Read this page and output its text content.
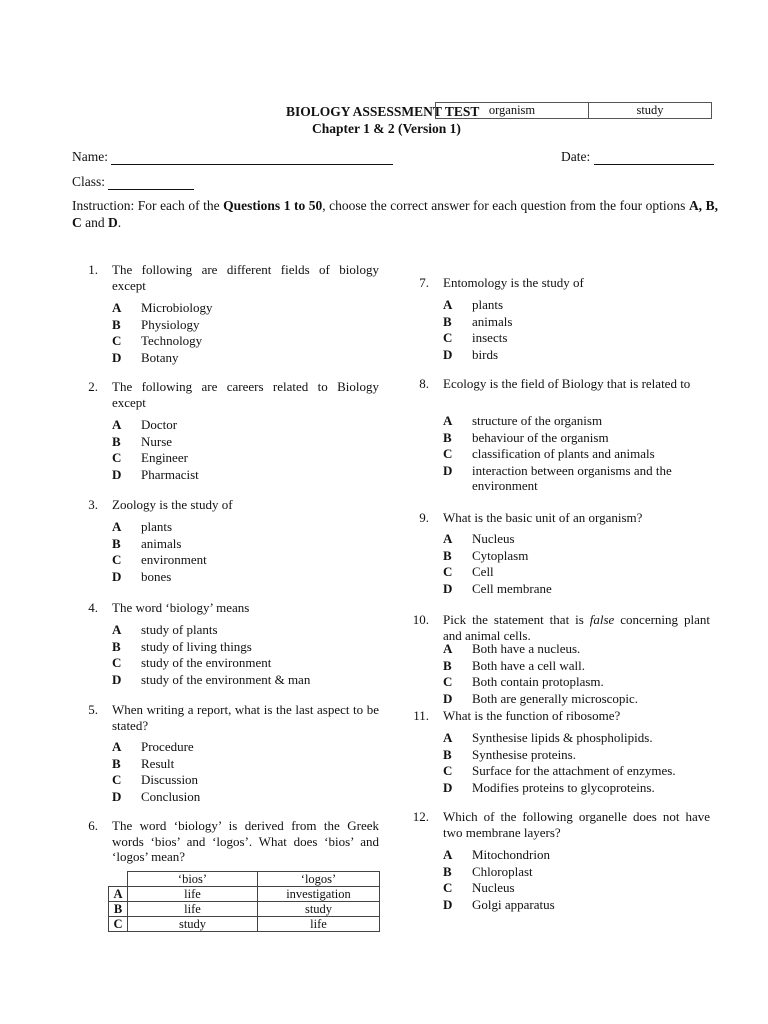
BIOLOGY ASSESSMENT TEST organism	study
Chapter 1 & 2 (Version 1)
Name:	Date:
Class:
Instruction: For each of the Questions 1 to 50, choose the correct answer for each question from the four options A, B, C and D.
1. The following are different fields of biology except
A Microbiology
B Physiology
C Technology
D Botany
2. The following are careers related to Biology except
A Doctor
B Nurse
C Engineer
D Pharmacist
3. Zoology is the study of
A plants
B animals
C environment
D bones
4. The word ‘biology’ means
A study of plants
B study of living things
C study of the environment
D study of the environment & man
5. When writing a report, what is the last aspect to be stated?
A Procedure
B Result
C Discussion
D Conclusion
6. The word ‘biology’ is derived from the Greek words ‘bios’ and ‘logos’. What does ‘bios’ and ‘logos’ mean?
	‘bios’	‘logos’
A	life	investigation
B	life	study
C	study	life
7. Entomology is the study of
A plants
B animals
C insects
D birds
8. Ecology is the field of Biology that is related to
A structure of the organism
B behaviour of the organism
C classification of plants and animals
D interaction between organisms and the environment
9. What is the basic unit of an organism?
A Nucleus
B Cytoplasm
C Cell
D Cell membrane
10. Pick the statement that is false concerning plant and animal cells.
A Both have a nucleus.
B Both have a cell wall.
C Both contain protoplasm.
D Both are generally microscopic.
11. What is the function of ribosome?
A Synthesise lipids & phospholipids.
B Synthesise proteins.
C Surface for the attachment of enzymes.
D Modifies proteins to glycoproteins.
12. Which of the following organelle does not have two membrane layers?
A Mitochondrion
B Chloroplast
C Nucleus
D Golgi apparatus
